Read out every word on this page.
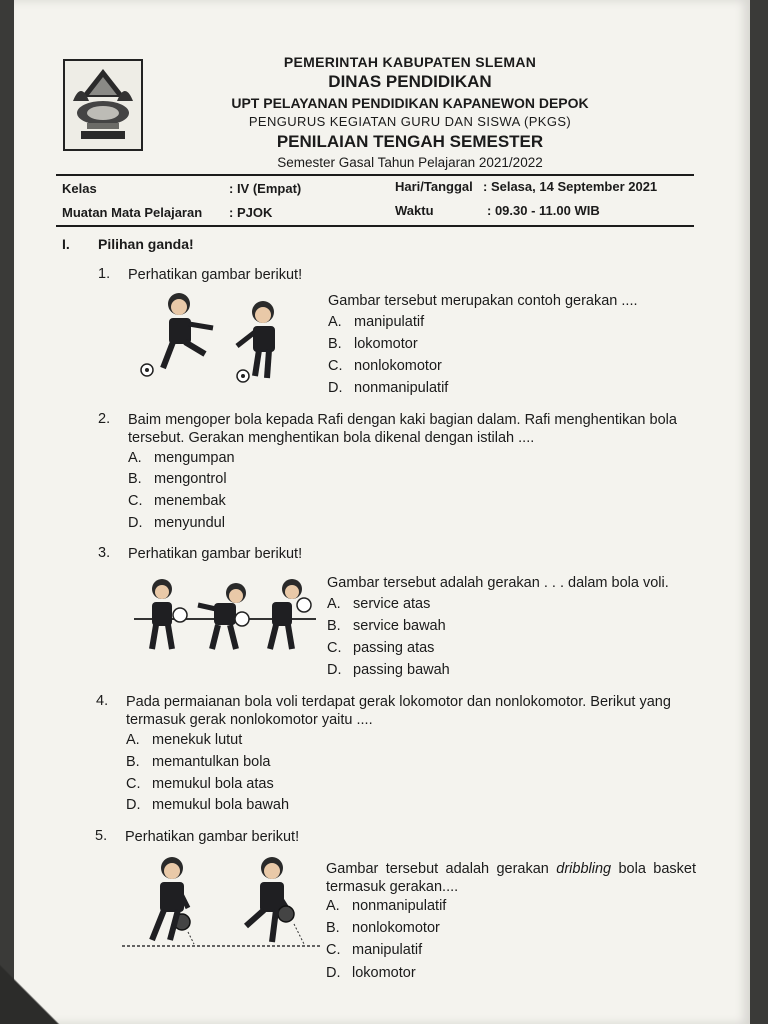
PEMERINTAH KABUPATEN SLEMAN
DINAS PENDIDIKAN
UPT PELAYANAN PENDIDIKAN KAPANEWON DEPOK
PENGURUS KEGIATAN GURU DAN SISWA (PKGS)
PENILAIAN TENGAH SEMESTER
Semester Gasal Tahun Pelajaran 2021/2022
Kelas	: IV (Empat)	Hari/Tanggal : Selasa, 14 September 2021
Muatan Mata Pelajaran : PJOK	Waktu	: 09.30 - 11.00 WIB
I. Pilihan ganda!
1. Perhatikan gambar berikut!
Gambar tersebut merupakan contoh gerakan ....
A. manipulatif
B. lokomotor
C. nonlokomotor
D. nonmanipulatif
2. Baim mengoper bola kepada Rafi dengan kaki bagian dalam. Rafi menghentikan bola tersebut. Gerakan menghentikan bola dikenal dengan istilah ....
A. mengumpan
B. mengontrol
C. menembak
D. menyundul
3. Perhatikan gambar berikut!
Gambar tersebut adalah gerakan . . . dalam bola voli.
A. service atas
B. service bawah
C. passing atas
D. passing bawah
4. Pada permaianan bola voli terdapat gerak lokomotor dan nonlokomotor. Berikut yang termasuk gerak nonlokomotor yaitu ....
A. menekuk lutut
B. memantulkan bola
C. memukul bola atas
D. memukul bola bawah
5. Perhatikan gambar berikut!
Gambar tersebut adalah gerakan dribbling bola basket termasuk gerakan....
A. nonmanipulatif
B. nonlokomotor
C. manipulatif
D. lokomotor
